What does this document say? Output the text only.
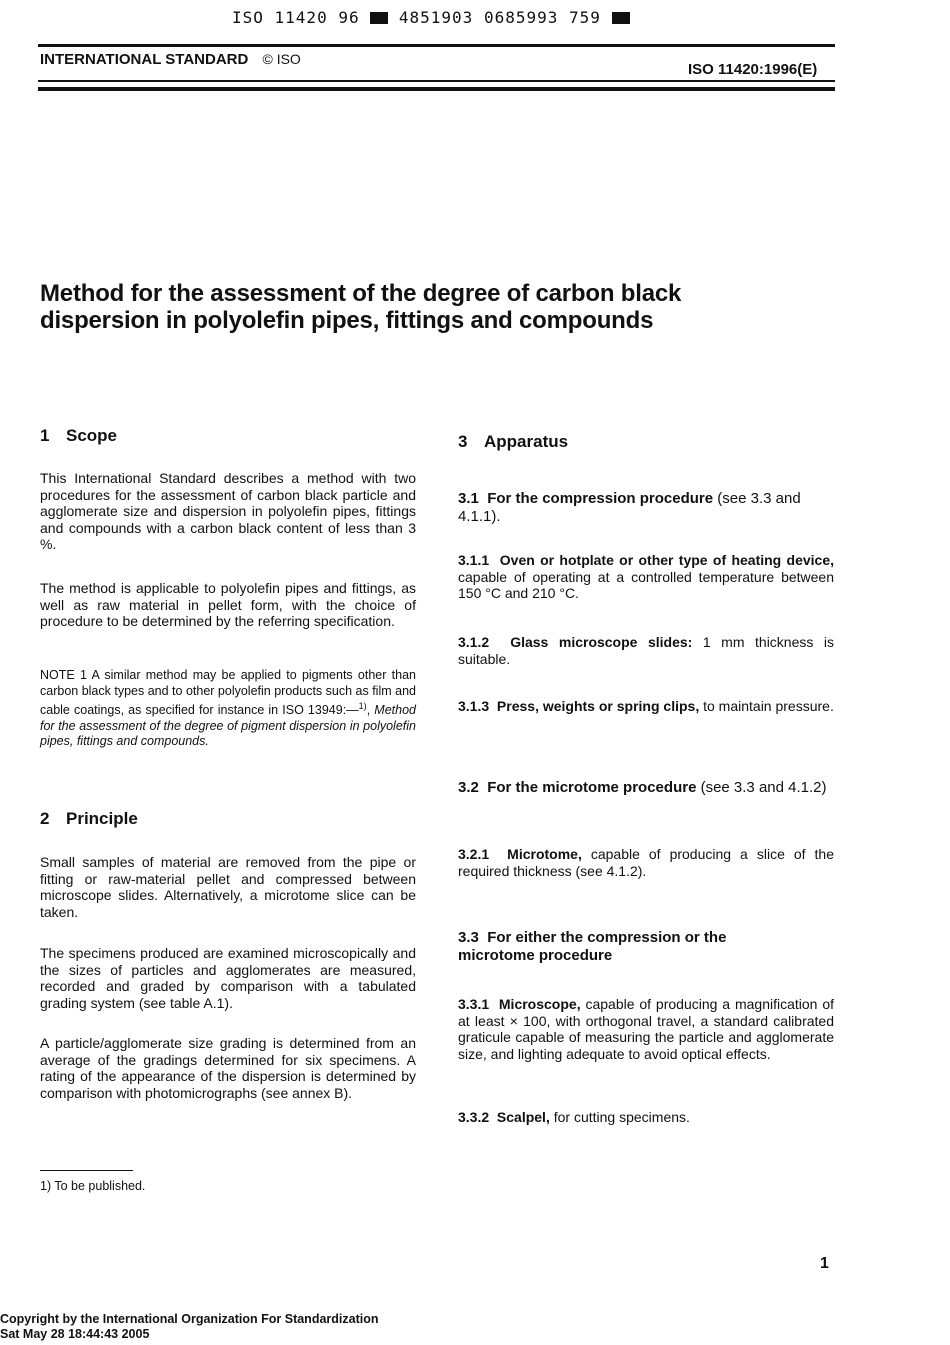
ISO 11420 96 4851903 0685993 759
INTERNATIONAL STANDARD © ISO
ISO 11420:1996(E)
Method for the assessment of the degree of carbon black
dispersion in polyolefin pipes, fittings and compounds
1 Scope
This International Standard describes a method with two procedures for the assessment of carbon black particle and agglomerate size and dispersion in polyolefin pipes, fittings and compounds with a carbon black content of less than 3 %.
The method is applicable to polyolefin pipes and fittings, as well as raw material in pellet form, with the choice of procedure to be determined by the referring specification.
NOTE 1 A similar method may be applied to pigments other than carbon black types and to other polyolefin products such as film and cable coatings, as specified for instance in ISO 13949:—$^{1)}$, Method for the assessment of the degree of pigment dispersion in polyolefin pipes, fittings and compounds.
2 Principle
Small samples of material are removed from the pipe or fitting or raw-material pellet and compressed between microscope slides. Alternatively, a microtome slice can be taken.
The specimens produced are examined microscopically and the sizes of particles and agglomerates are measured, recorded and graded by comparison with a tabulated grading system (see table A.1).
A particle/agglomerate size grading is determined from an average of the gradings determined for six specimens. A rating of the appearance of the dispersion is determined by comparison with photomicrographs (see annex B).
3 Apparatus
3.1 For the compression procedure (see 3.3 and 4.1.1).
3.1.1 Oven or hotplate or other type of heating device, capable of operating at a controlled temperature between 150 °C and 210 °C.
3.1.2 Glass microscope slides: 1 mm thickness is suitable.
3.1.3 Press, weights or spring clips, to maintain pressure.
3.2 For the microtome procedure (see 3.3 and 4.1.2)
3.2.1 Microtome, capable of producing a slice of the required thickness (see 4.1.2).
3.3 For either the compression or the microtome procedure
3.3.1 Microscope, capable of producing a magnification of at least × 100, with orthogonal travel, a standard calibrated graticule capable of measuring the particle and agglomerate size, and lighting adequate to avoid optical effects.
3.3.2 Scalpel, for cutting specimens.
1) To be published.
1
Copyright by the International Organization For Standardization
Sat May 28 18:44:43 2005
